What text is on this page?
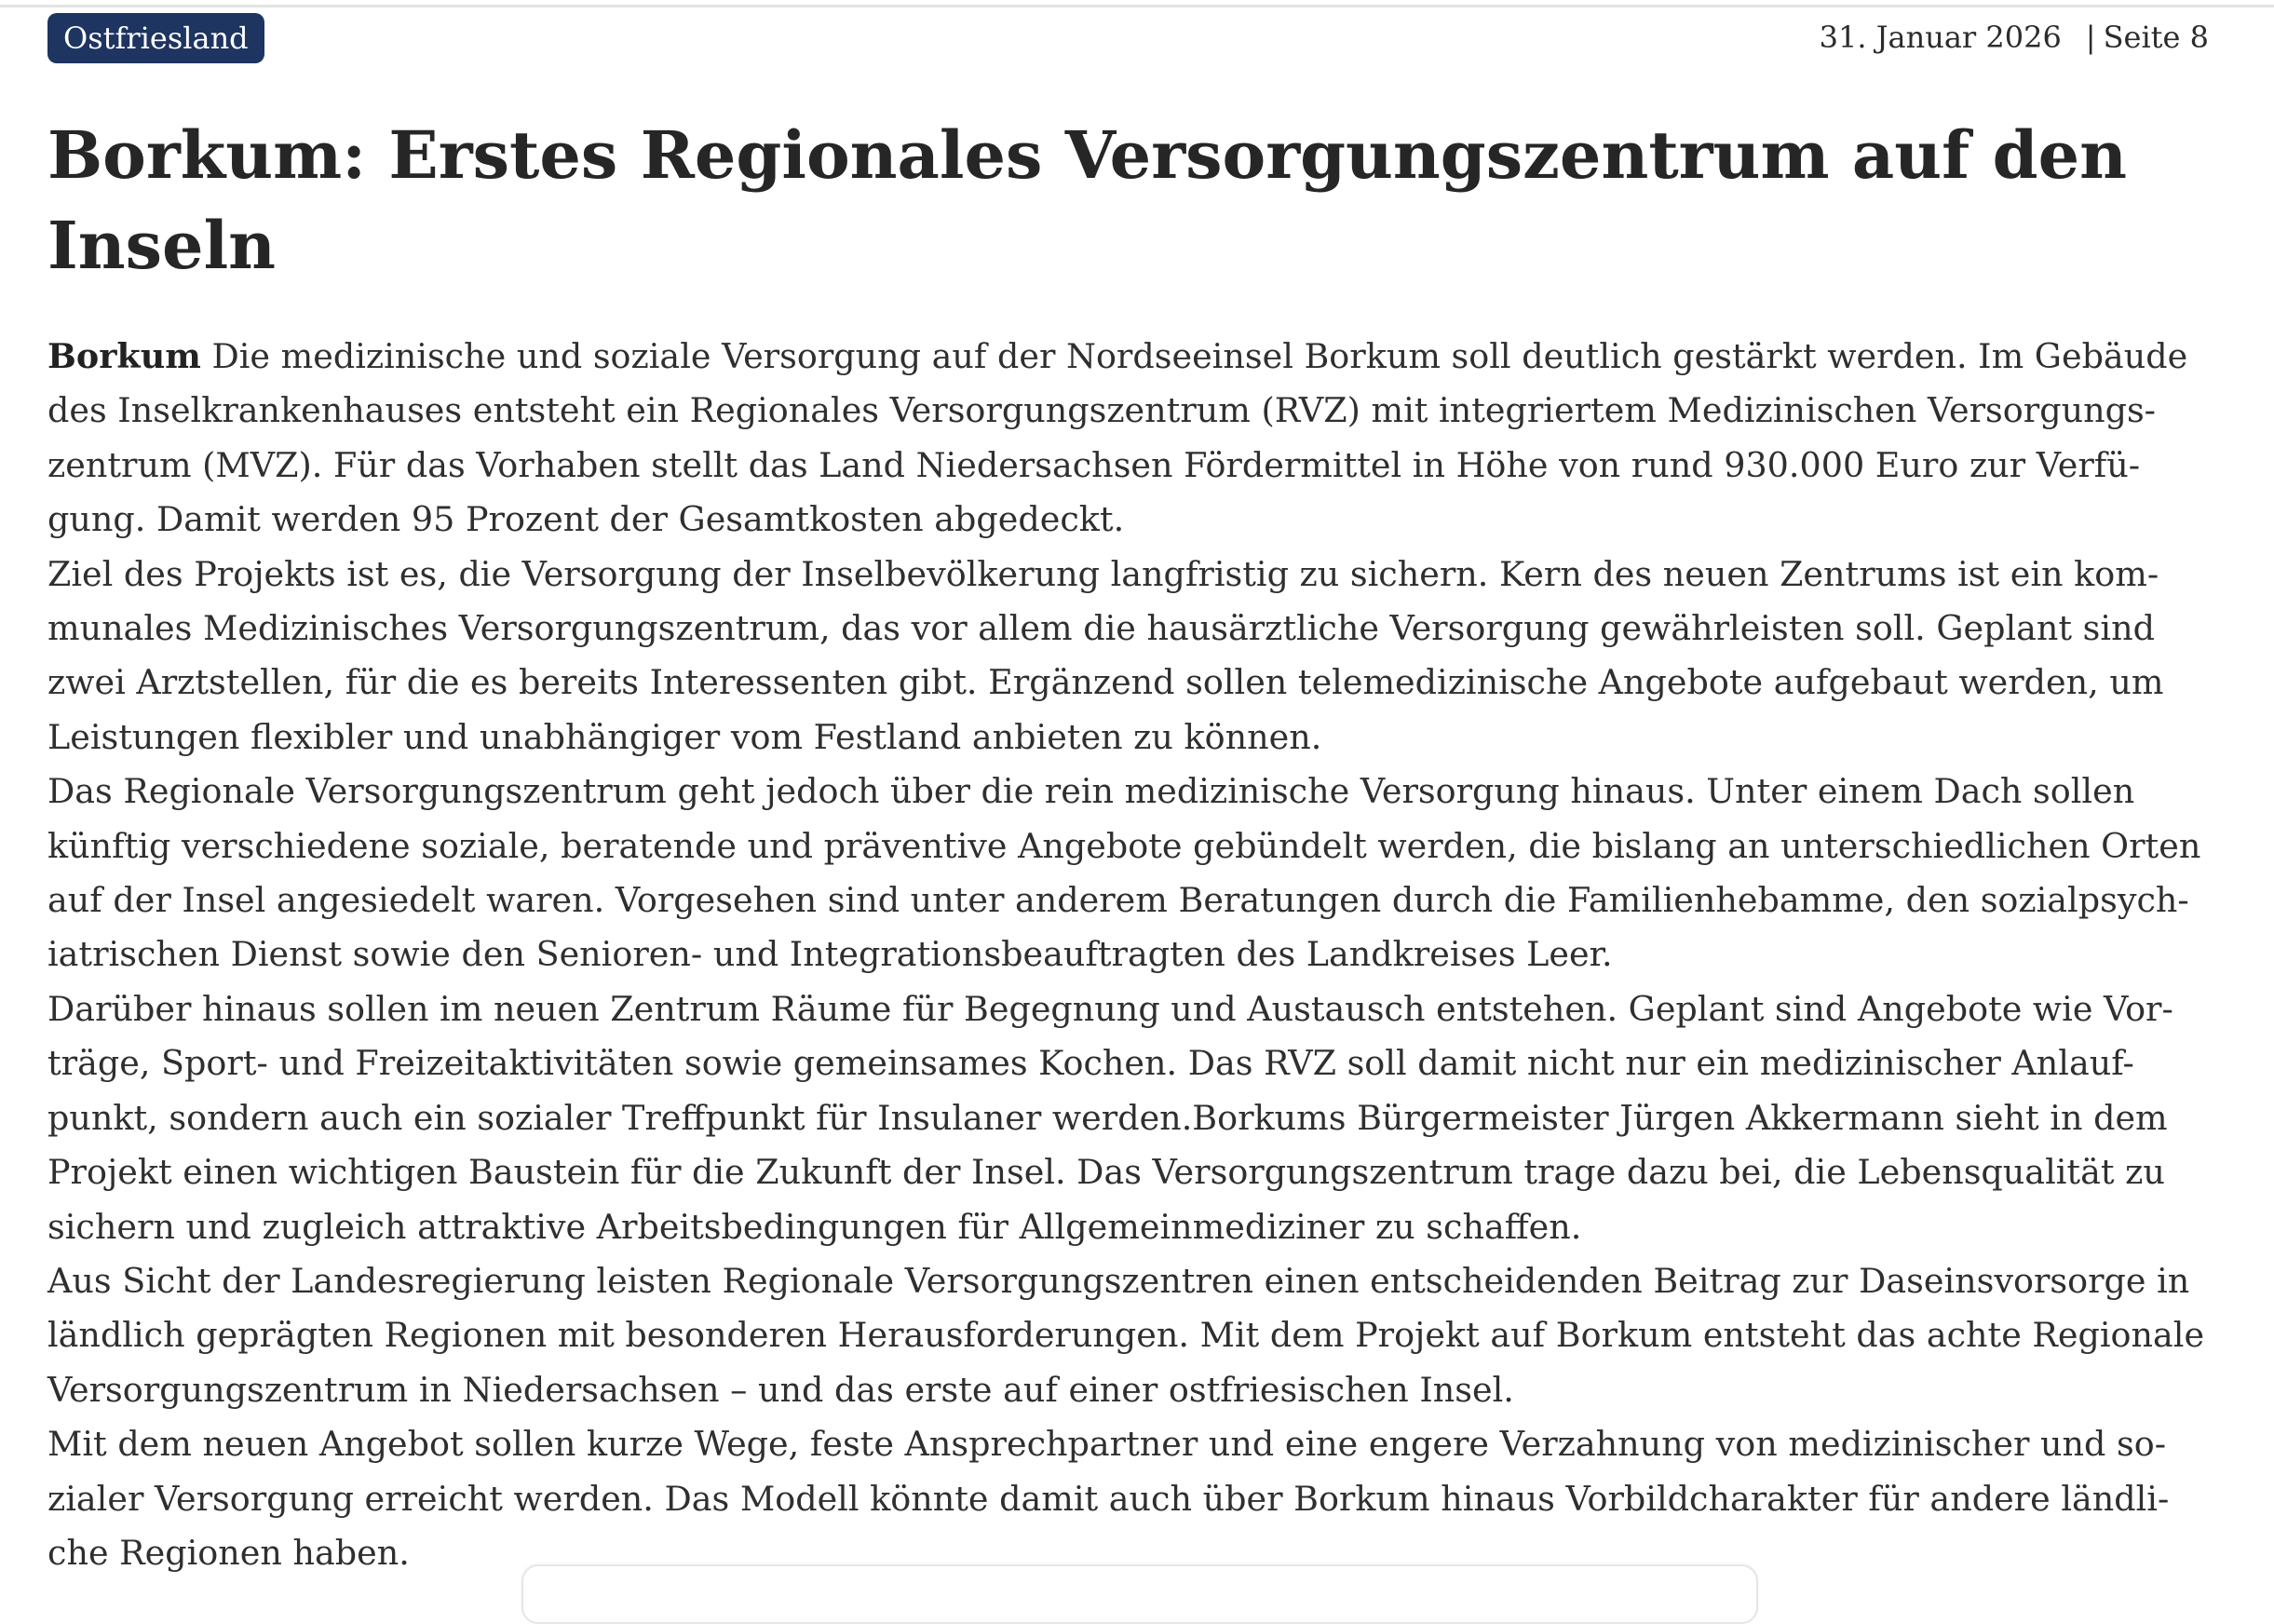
Ostfriesland	31. Januar 2026 | Seite 8
Borkum: Erstes Regionales Versorgungszentrum auf den
Inseln
Borkum Die medizinische und soziale Versorgung auf der Nordseeinsel Borkum soll deutlich gestärkt werden. Im Gebäude
des Inselkrankenhauses entsteht ein Regionales Versorgungszentrum (RVZ) mit integriertem Medizinischen Versorgungs-
zentrum (MVZ). Für das Vorhaben stellt das Land Niedersachsen Fördermittel in Höhe von rund 930.000 Euro zur Verfü-
gung. Damit werden 95 Prozent der Gesamtkosten abgedeckt.
Ziel des Projekts ist es, die Versorgung der Inselbevölkerung langfristig zu sichern. Kern des neuen Zentrums ist ein kom-
munales Medizinisches Versorgungszentrum, das vor allem die hausärztliche Versorgung gewährleisten soll. Geplant sind
zwei Arztstellen, für die es bereits Interessenten gibt. Ergänzend sollen telemedizinische Angebote aufgebaut werden, um
Leistungen flexibler und unabhängiger vom Festland anbieten zu können.
Das Regionale Versorgungszentrum geht jedoch über die rein medizinische Versorgung hinaus. Unter einem Dach sollen
künftig verschiedene soziale, beratende und präventive Angebote gebündelt werden, die bislang an unterschiedlichen Orten
auf der Insel angesiedelt waren. Vorgesehen sind unter anderem Beratungen durch die Familienhebamme, den sozialpsych-
iatrischen Dienst sowie den Senioren- und Integrationsbeauftragten des Landkreises Leer.
Darüber hinaus sollen im neuen Zentrum Räume für Begegnung und Austausch entstehen. Geplant sind Angebote wie Vor-
träge, Sport- und Freizeitaktivitäten sowie gemeinsames Kochen. Das RVZ soll damit nicht nur ein medizinischer Anlauf-
punkt, sondern auch ein sozialer Treffpunkt für Insulaner werden.Borkums Bürgermeister Jürgen Akkermann sieht in dem
Projekt einen wichtigen Baustein für die Zukunft der Insel. Das Versorgungszentrum trage dazu bei, die Lebensqualität zu
sichern und zugleich attraktive Arbeitsbedingungen für Allgemeinmediziner zu schaffen.
Aus Sicht der Landesregierung leisten Regionale Versorgungszentren einen entscheidenden Beitrag zur Daseinsvorsorge in
ländlich geprägten Regionen mit besonderen Herausforderungen. Mit dem Projekt auf Borkum entsteht das achte Regionale
Versorgungszentrum in Niedersachsen – und das erste auf einer ostfriesischen Insel.
Mit dem neuen Angebot sollen kurze Wege, feste Ansprechpartner und eine engere Verzahnung von medizinischer und so-
zialer Versorgung erreicht werden. Das Modell könnte damit auch über Borkum hinaus Vorbildcharakter für andere ländli-
che Regionen haben.
